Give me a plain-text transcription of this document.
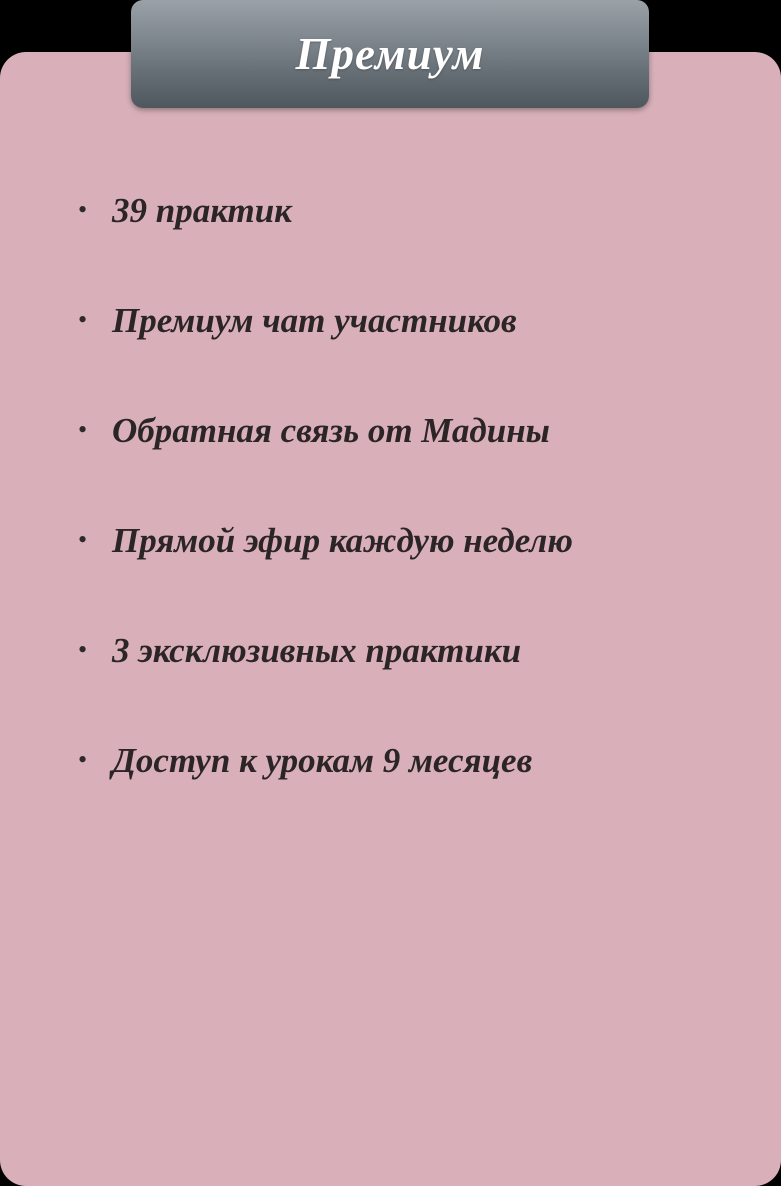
• 39 практик
• Премиум чат участников
• Обратная связь от Мадины
• Прямой эфир каждую неделю
• 3 эксклюзивных практики
• Доступ к урокам 9 месяцев
Премиум
